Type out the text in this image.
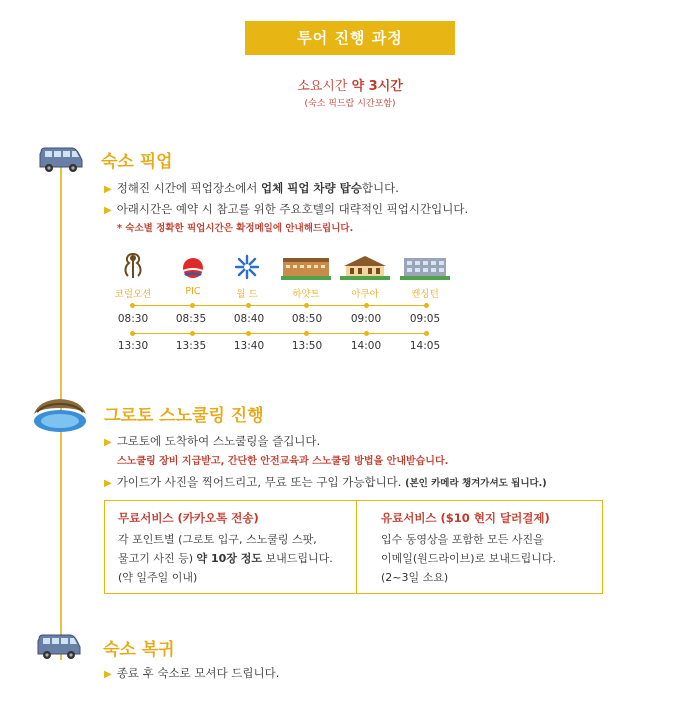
투어 진행 과정
소요시간 약 3시간
(숙소 픽드랍 시간포함)
숙소 픽업
▶ 정해진 시간에 픽업장소에서 업체 픽업 차량 탑승합니다.
▶ 아래시간은 예약 시 참고를 위한 주요호텔의 대략적인 픽업시간입니다.
* 숙소별 정확한 픽업시간은 확정메일에 안내해드립니다.
코럴오션	PIC	월 드	하얏트	아쿠아	켄싱턴
08:30	08:35	08:40	08:50	09:00	09:05
13:30	13:35	13:40	13:50	14:00	14:05
그로토 스노쿨링 진행
▶ 그로토에 도착하여 스노쿨링을 즐깁니다.
스노쿨링 장비 지급받고, 간단한 안전교육과 스노쿨링 방법을 안내받습니다.
▶ 가이드가 사진을 찍어드리고, 무료 또는 구입 가능합니다. (본인 카메라 챙겨가셔도 됩니다.)
무료서비스 (카카오톡 전송)
각 포인트별 (그로토 입구, 스노쿨링 스팟,
물고기 사진 등) 약 10장 정도 보내드립니다.
(약 일주일 이내)
유료서비스 ($10 현지 달러결제)
입수 동영상을 포함한 모든 사진을
이메일(원드라이브)로 보내드립니다.
(2~3일 소요)
숙소 복귀
▶ 종료 후 숙소로 모셔다 드립니다.
